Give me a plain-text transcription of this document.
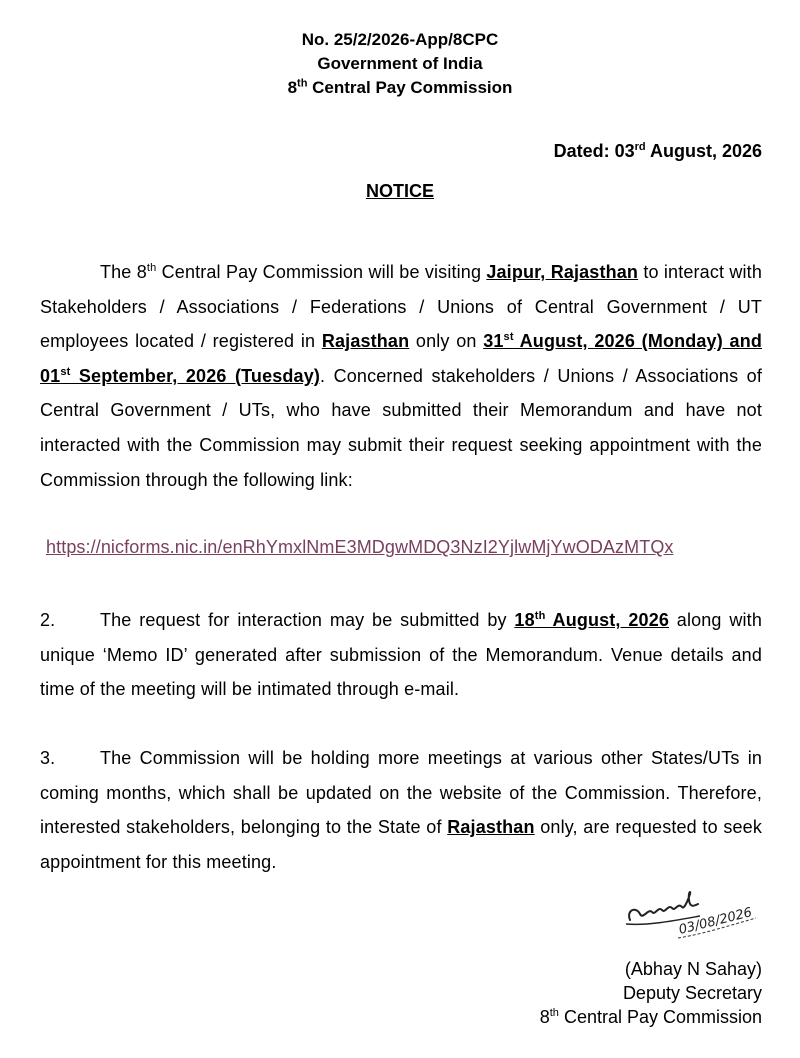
No. 25/2/2026-App/8CPC
Government of India
8th Central Pay Commission
Dated: 03rd August, 2026
NOTICE
The 8th Central Pay Commission will be visiting Jaipur, Rajasthan to interact with Stakeholders / Associations / Federations / Unions of Central Government / UT employees located / registered in Rajasthan only on 31st August, 2026 (Monday) and 01st September, 2026 (Tuesday). Concerned stakeholders / Unions / Associations of Central Government / UTs, who have submitted their Memorandum and have not interacted with the Commission may submit their request seeking appointment with the Commission through the following link:
https://nicforms.nic.in/enRhYmxlNmE3MDgwMDQ3NzI2YjlwMjYwODAzMTQx
2. The request for interaction may be submitted by 18th August, 2026 along with unique ‘Memo ID’ generated after submission of the Memorandum. Venue details and time of the meeting will be intimated through e-mail.
3. The Commission will be holding more meetings at various other States/UTs in coming months, which shall be updated on the website of the Commission. Therefore, interested stakeholders, belonging to the State of Rajasthan only, are requested to seek appointment for this meeting.
03/08/2026
(Abhay N Sahay)
Deputy Secretary
8th Central Pay Commission
